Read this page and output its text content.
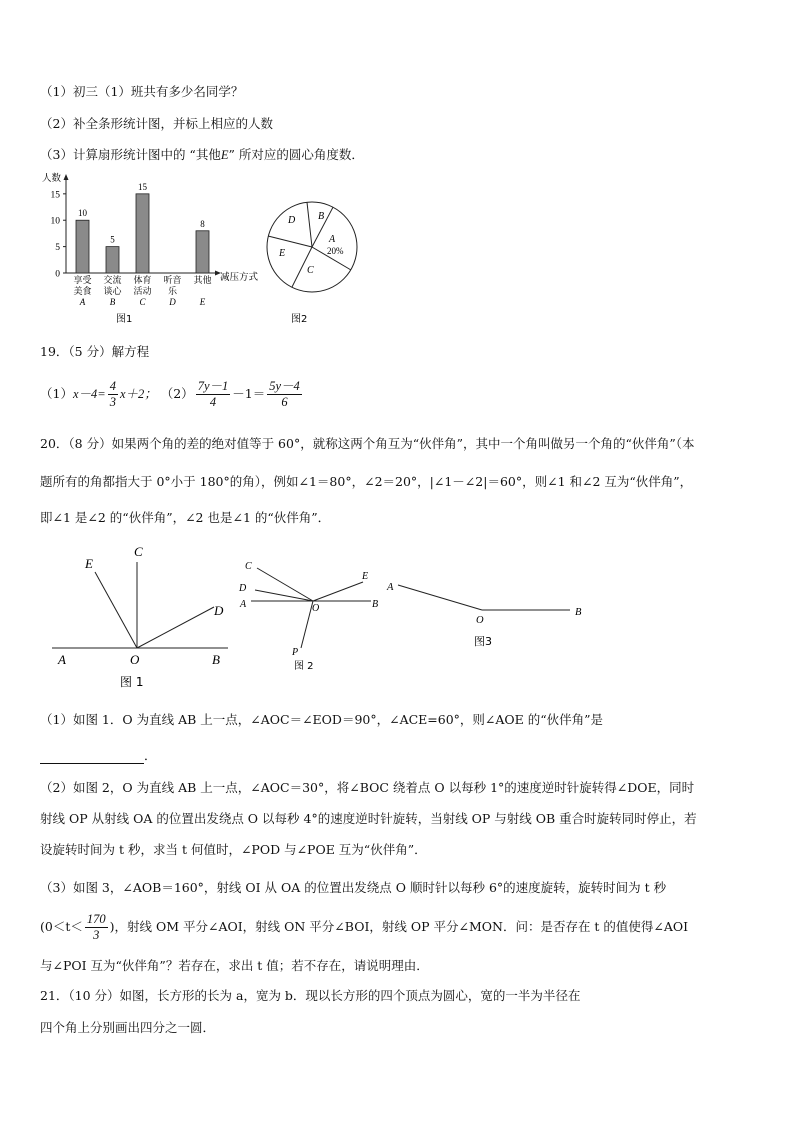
（1）初三（1）班共有多少名同学？
（2）补全条形统计图，并标上相应的人数
（3）计算扇形统计图中的 “其他E” 所对应的圆心角度数．
人数
减压方式
0
5
10
15
10
5
15
8
享受
美食
A
交流
谈心
B
体育
活动
C
听音
乐
D
其他
E
图1
B
A
20%
C
E
D
图2
19．（5 分）解方程
$(1)x-4= \frac{4}{3} x+2$； $(2) \frac{7y-1}{4} -1= \frac{5y-4}{6}$
20．（8 分）如果两个角的差的绝对值等于 60°，就称这两个角互为“伙伴角”，其中一个角叫做另一个角的“伙伴角”（本
题所有的角都指大于 0°小于 180°的角），例如∠1＝80°，∠2＝20°，|∠1－∠2|＝60°，则∠1 和∠2 互为“伙伴角”，
即∠1 是∠2 的“伙伴角”，∠2 也是∠1 的“伙伴角”．
C
E
D
A	O	B
图 1
C
D
A
E
O	B
P
图 2
A
O
B
图3
（1）如图 1．O 为直线 AB 上一点，∠AOC＝∠EOD＝90°，∠ACE=60°，则∠AOE 的“伙伴角”是
．
（2）如图 2，O 为直线 AB 上一点，∠AOC＝30°，将∠BOC 绕着点 O 以每秒 1°的速度逆时针旋转得∠DOE，同时
射线 OP 从射线 OA 的位置出发绕点 O 以每秒 4°的速度逆时针旋转，当射线 OP 与射线 OB 重合时旋转同时停止，若
设旋转时间为 t 秒，求当 t 何值时，∠POD 与∠POE 互为“伙伴角”．
（3）如图 3，∠AOB＝160°，射线 OI 从 OA 的位置出发绕点 O 顺时针以每秒 6°的速度旋转，旋转时间为 t 秒
($0<t< \frac{170}{3}$ )，射线 OM 平分∠AOI，射线 ON 平分∠BOI，射线 OP 平分∠MON．问：是否存在 t 的值使得∠AOI
与∠POI 互为“伙伴角”？若存在，求出 t 值；若不存在，请说明理由．
21．（10 分）如图，长方形的长为 a，宽为 b．现以长方形的四个顶点为圆心，宽的一半为半径在
四个角上分别画出四分之一圆．
